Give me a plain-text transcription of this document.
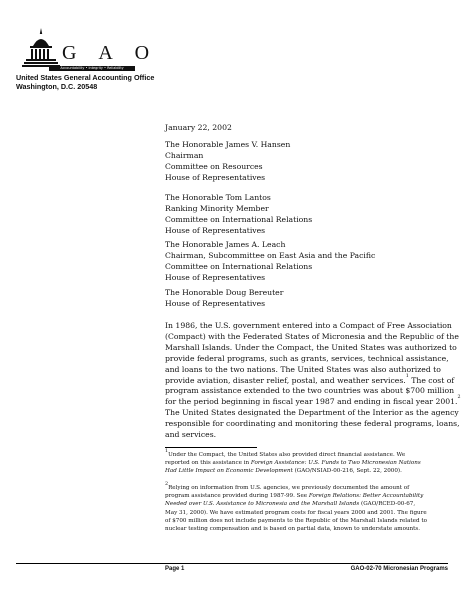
G A O
Accountability • Integrity • Reliability
United States General Accounting Office
Washington, D.C. 20548
January 22, 2002
The Honorable James V. Hansen
Chairman
Committee on Resources
House of Representatives
The Honorable Tom Lantos
Ranking Minority Member
Committee on International Relations
House of Representatives
The Honorable James A. Leach
Chairman, Subcommittee on East Asia and the Pacific
Committee on International Relations
House of Representatives
The Honorable Doug Bereuter
House of Representatives
In 1986, the U.S. government entered into a Compact of Free Association
(Compact) with the Federated States of Micronesia and the Republic of the
Marshall Islands. Under the Compact, the United States was authorized to
provide federal programs, such as grants, services, technical assistance,
and loans to the two nations. The United States was also authorized to
provide aviation, disaster relief, postal, and weather services.$^1$ The cost of
program assistance extended to the two countries was about $700 million
for the period beginning in fiscal year 1987 and ending in fiscal year 2001.$^2$
The United States designated the Department of the Interior as the agency
responsible for coordinating and monitoring these federal programs, loans,
and services.
$^1$Under the Compact, the United States also provided direct financial assistance. We
reported on this assistance in Foreign Assistance: U.S. Funds to Two Micronesian Nations
Had Little Impact on Economic Development (GAO/NSIAD-00-216, Sept. 22, 2000).
$^2$Relying on information from U.S. agencies, we previously documented the amount of
program assistance provided during 1987-99. See Foreign Relations: Better Accountability
Needed over U.S. Assistance to Micronesia and the Marshall Islands (GAO/RCED-00-67,
May 31, 2000). We have estimated program costs for fiscal years 2000 and 2001. The figure
of $700 million does not include payments to the Republic of the Marshall Islands related to
nuclear testing compensation and is based on partial data, known to understate amounts.
Page 1	GAO-02-70 Micronesian Programs
